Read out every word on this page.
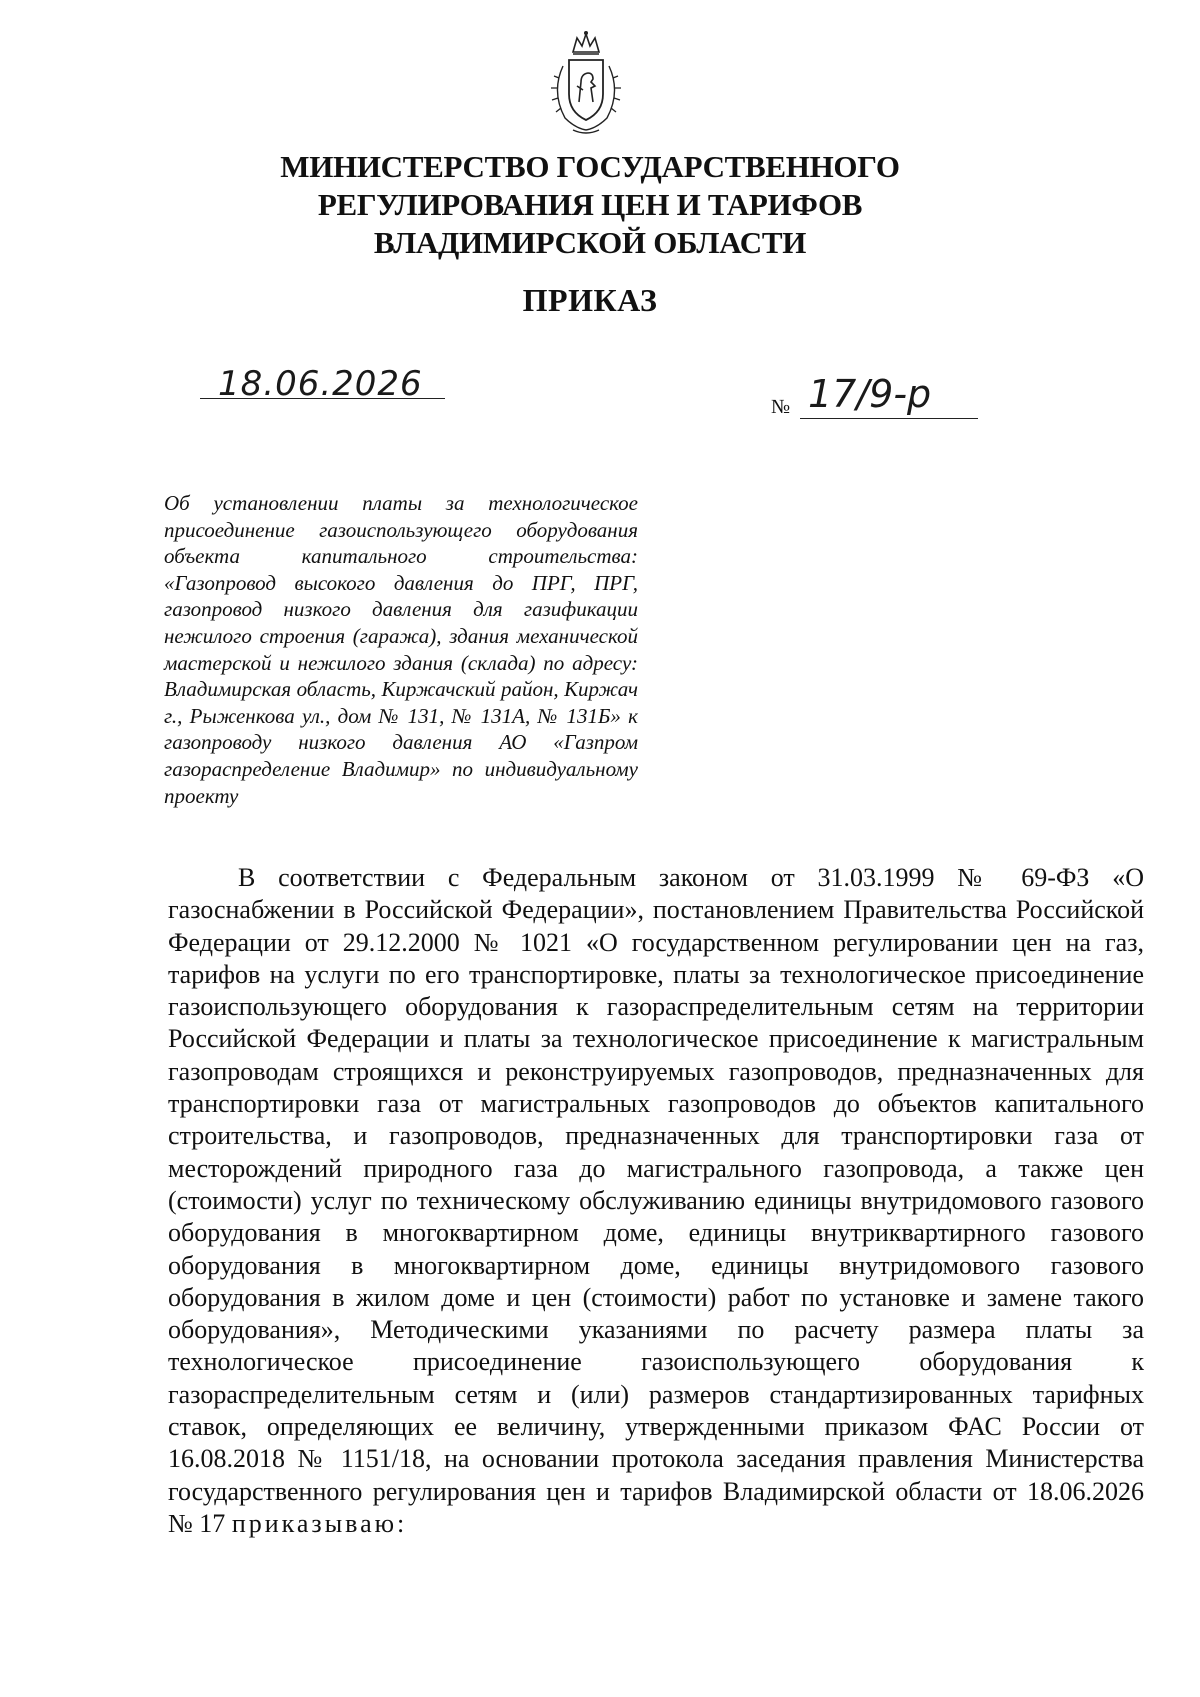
МИНИСТЕРСТВО ГОСУДАРСТВЕННОГО
РЕГУЛИРОВАНИЯ ЦЕН И ТАРИФОВ
ВЛАДИМИРСКОЙ ОБЛАСТИ
ПРИКАЗ
18.06.2026
№ 17/9-р
Об установлении платы за технологическое присоединение газоиспользующего оборудования объекта капитального строительства: «Газопровод высокого давления до ПРГ, ПРГ, газопровод низкого давления для газификации нежилого строения (гаража), здания механической мастерской и нежилого здания (склада) по адресу: Владимирская область, Киржачский район, Киржач г., Рыженкова ул., дом № 131, № 131А, № 131Б» к газопроводу низкого давления АО «Газпром газораспределение Владимир» по индивидуальному проекту

В соответствии с Федеральным законом от 31.03.1999 № 69-ФЗ «О газоснабжении в Российской Федерации», постановлением Правительства Российской Федерации от 29.12.2000 № 1021 «О государственном регулировании цен на газ, тарифов на услуги по его транспортировке, платы за технологическое присоединение газоиспользующего оборудования к газораспределительным сетям на территории Российской Федерации и платы за технологическое присоединение к магистральным газопроводам строящихся и реконструируемых газопроводов, предназначенных для транспортировки газа от магистральных газопроводов до объектов капитального строительства, и газопроводов, предназначенных для транспортировки газа от месторождений природного газа до магистрального газопровода, а также цен (стоимости) услуг по техническому обслуживанию единицы внутридомового газового оборудования в многоквартирном доме, единицы внутриквартирного газового оборудования в многоквартирном доме, единицы внутридомового газового оборудования в жилом доме и цен (стоимости) работ по установке и замене такого оборудования», Методическими указаниями по расчету размера платы за технологическое присоединение газоиспользующего оборудования к газораспределительным сетям и (или) размеров стандартизированных тарифных ставок, определяющих ее величину, утвержденными приказом ФАС России от 16.08.2018 № 1151/18, на основании протокола заседания правления Министерства государственного регулирования цен и тарифов Владимирской области от 18.06.2026 № 17 приказываю:
